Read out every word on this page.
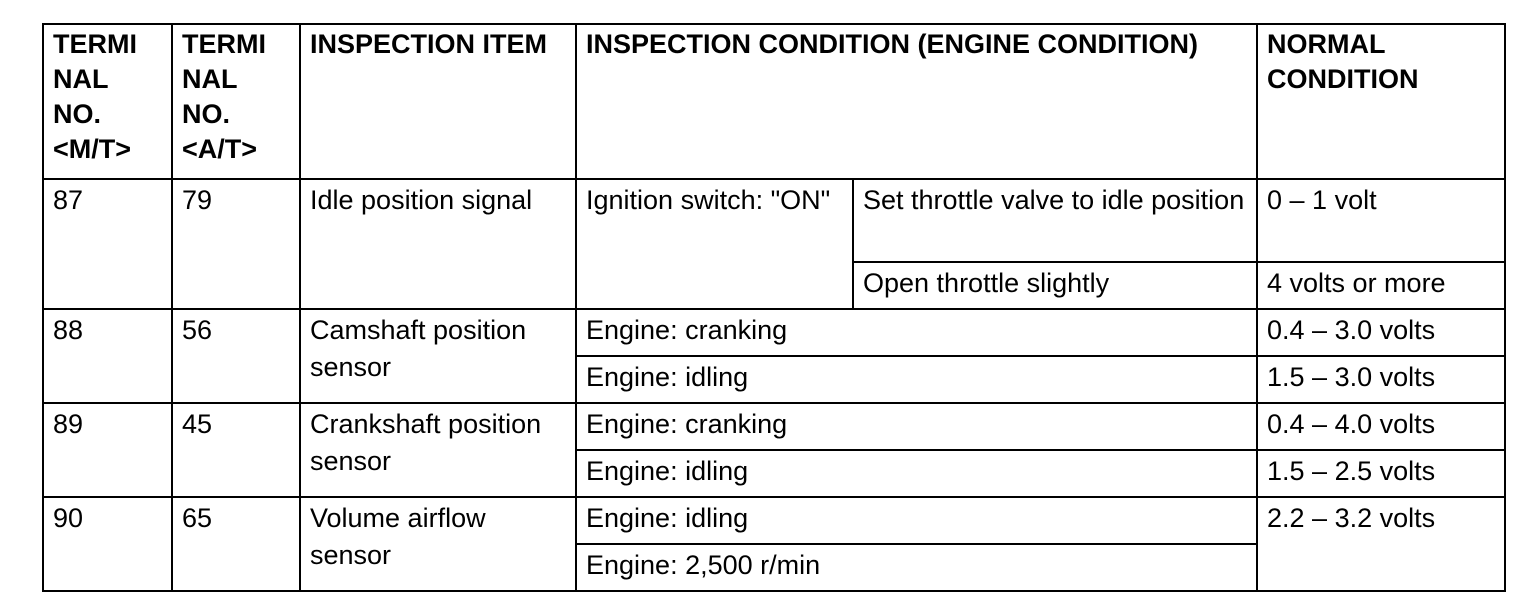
TERMI NAL NO. <M/T>	TERMI NAL NO. <A/T>	INSPECTION ITEM	INSPECTION CONDITION (ENGINE CONDITION)		NORMAL CONDITION
87	79	Idle position signal	Ignition switch: "ON"	Set throttle valve to idle position	0 – 1 volt
				Open throttle slightly	4 volts or more
88	56	Camshaft position sensor	Engine: cranking		0.4 – 3.0 volts
			Engine: idling		1.5 – 3.0 volts
89	45	Crankshaft position sensor	Engine: cranking		0.4 – 4.0 volts
			Engine: idling		1.5 – 2.5 volts
90	65	Volume airflow sensor	Engine: idling		2.2 – 3.2 volts
			Engine: 2,500 r/min		
